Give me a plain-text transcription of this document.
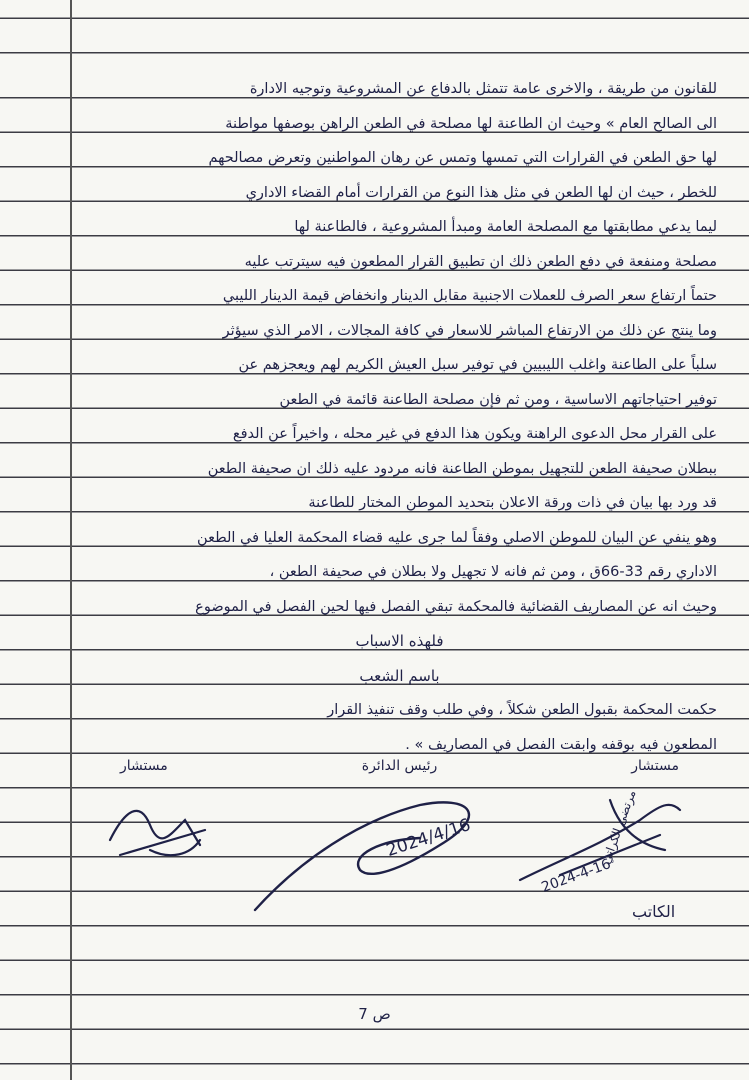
للقانون من طريقة ، والاخرى عامة تتمثل بالدفاع عن المشروعية وتوجيه الادارة
الى الصالح العام » وحيث ان الطاعنة لها مصلحة في الطعن الراهن بوصفها مواطنة
لها حق الطعن في القرارات التي تمسها وتمس عن رهان المواطنين وتعرض مصالحهم
للخطر ، حيث ان لها الطعن في مثل هذا النوع من القرارات أمام القضاء الاداري
ليما يدعي مطابقتها مع المصلحة العامة ومبدأ المشروعية ، فالطاعنة لها
مصلحة ومنفعة في دفع الطعن ذلك ان تطبيق القرار المطعون فيه سيترتب عليه
حتماً ارتفاع سعر الصرف للعملات الاجنبية مقابل الدينار وانخفاض قيمة الدينار الليبي
وما ينتج عن ذلك من الارتفاع المباشر للاسعار في كافة المجالات ، الامر الذي سيؤثر
سلباً على الطاعنة واغلب الليبيين في توفير سبل العيش الكريم لهم ويعجزهم عن
توفير احتياجاتهم الاساسية ، ومن ثم فإن مصلحة الطاعنة قائمة في الطعن
على القرار محل الدعوى الراهنة ويكون هذا الدفع في غير محله ، واخيراً عن الدفع
ببطلان صحيفة الطعن للتجهيل بموطن الطاعنة فانه مردود عليه ذلك ان صحيفة الطعن
قد ورد بها بيان في ذات ورقة الاعلان بتحديد الموطن المختار للطاعنة
وهو ينفي عن البيان للموطن الاصلي وفقاً لما جرى عليه قضاء المحكمة العليا في الطعن
الاداري رقم 33-66ق ، ومن ثم فانه لا تجهيل ولا بطلان في صحيفة الطعن ،
وحيث انه عن المصاريف القضائية فالمحكمة تبقي الفصل فيها لحين الفصل في الموضوع
فلهذه الاسباب
باسم الشعب
حكمت المحكمة بقبول الطعن شكلاً ، وفي طلب وقف تنفيذ القرار
المطعون فيه بوقفه وابقت الفصل في المصاريف » .
مستشار
رئيس الدائرة
مستشار
2024/4/16
2024-4-16
مرتضى الكراتي
الكاتب
ص 7
